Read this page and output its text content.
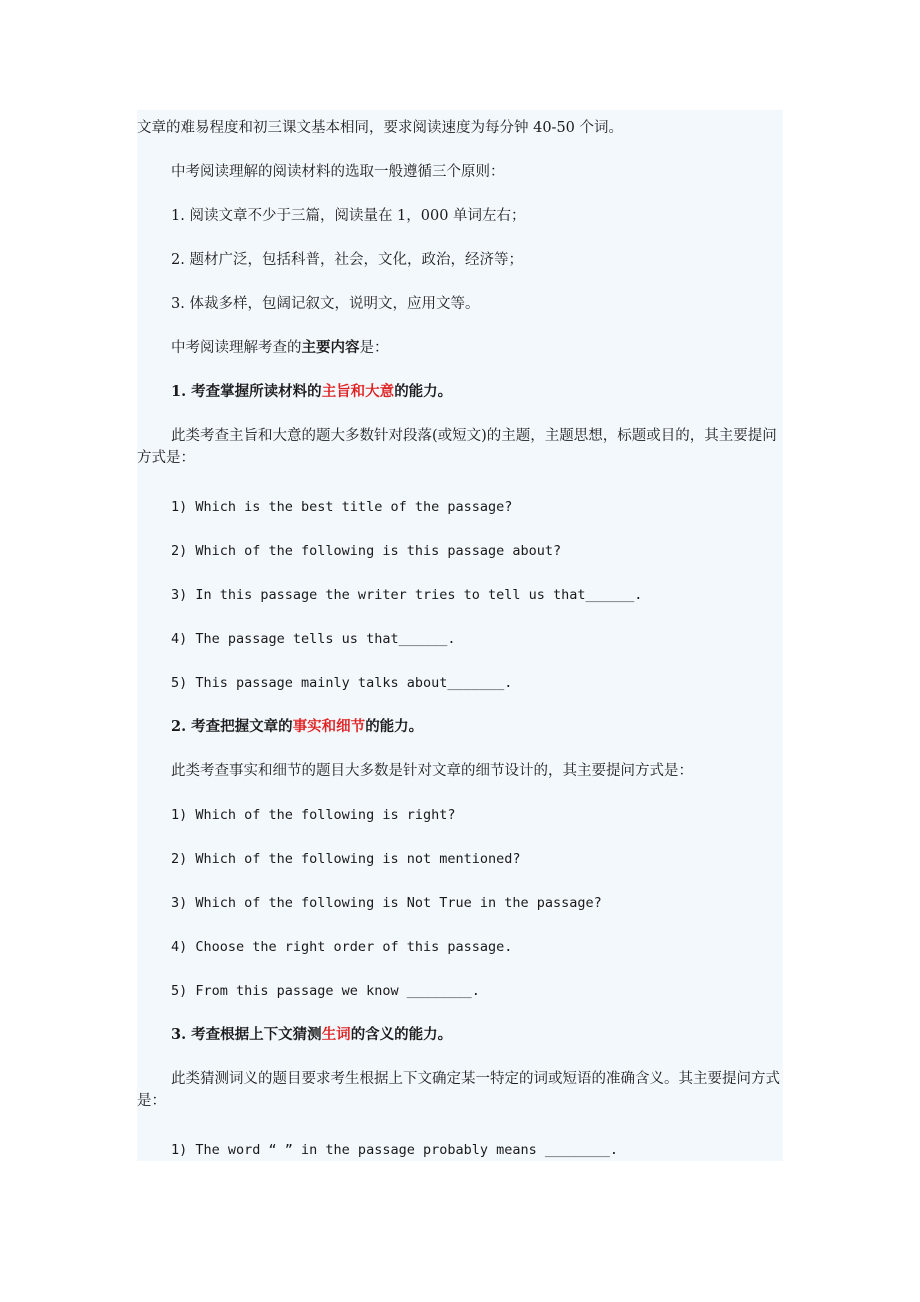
文章的难易程度和初三课文基本相同，要求阅读速度为每分钟 40-50 个词。
中考阅读理解的阅读材料的选取一般遵循三个原则：
1. 阅读文章不少于三篇，阅读量在 1，000 单词左右；
2. 题材广泛，包括科普，社会，文化，政治，经济等；
3. 体裁多样，包阔记叙文，说明文，应用文等。
中考阅读理解考查的主要内容是：
1. 考查掌握所读材料的主旨和大意的能力。
此类考查主旨和大意的题大多数针对段落(或短文)的主题，主题思想，标题或目的，其主要提问方式是：
1) Which is the best title of the passage?
2) Which of the following is this passage about?
3) In this passage the writer tries to tell us that______.
4) The passage tells us that______.
5) This passage mainly talks about_______.
2. 考查把握文章的事实和细节的能力。
此类考查事实和细节的题目大多数是针对文章的细节设计的，其主要提问方式是：
1) Which of the following is right?
2) Which of the following is not mentioned?
3) Which of the following is Not True in the passage?
4) Choose the right order of this passage.
5) From this passage we know ________.
3. 考查根据上下文猜测生词的含义的能力。
此类猜测词义的题目要求考生根据上下文确定某一特定的词或短语的准确含义。其主要提问方式是：
1) The word “ ” in the passage probably means ________.
